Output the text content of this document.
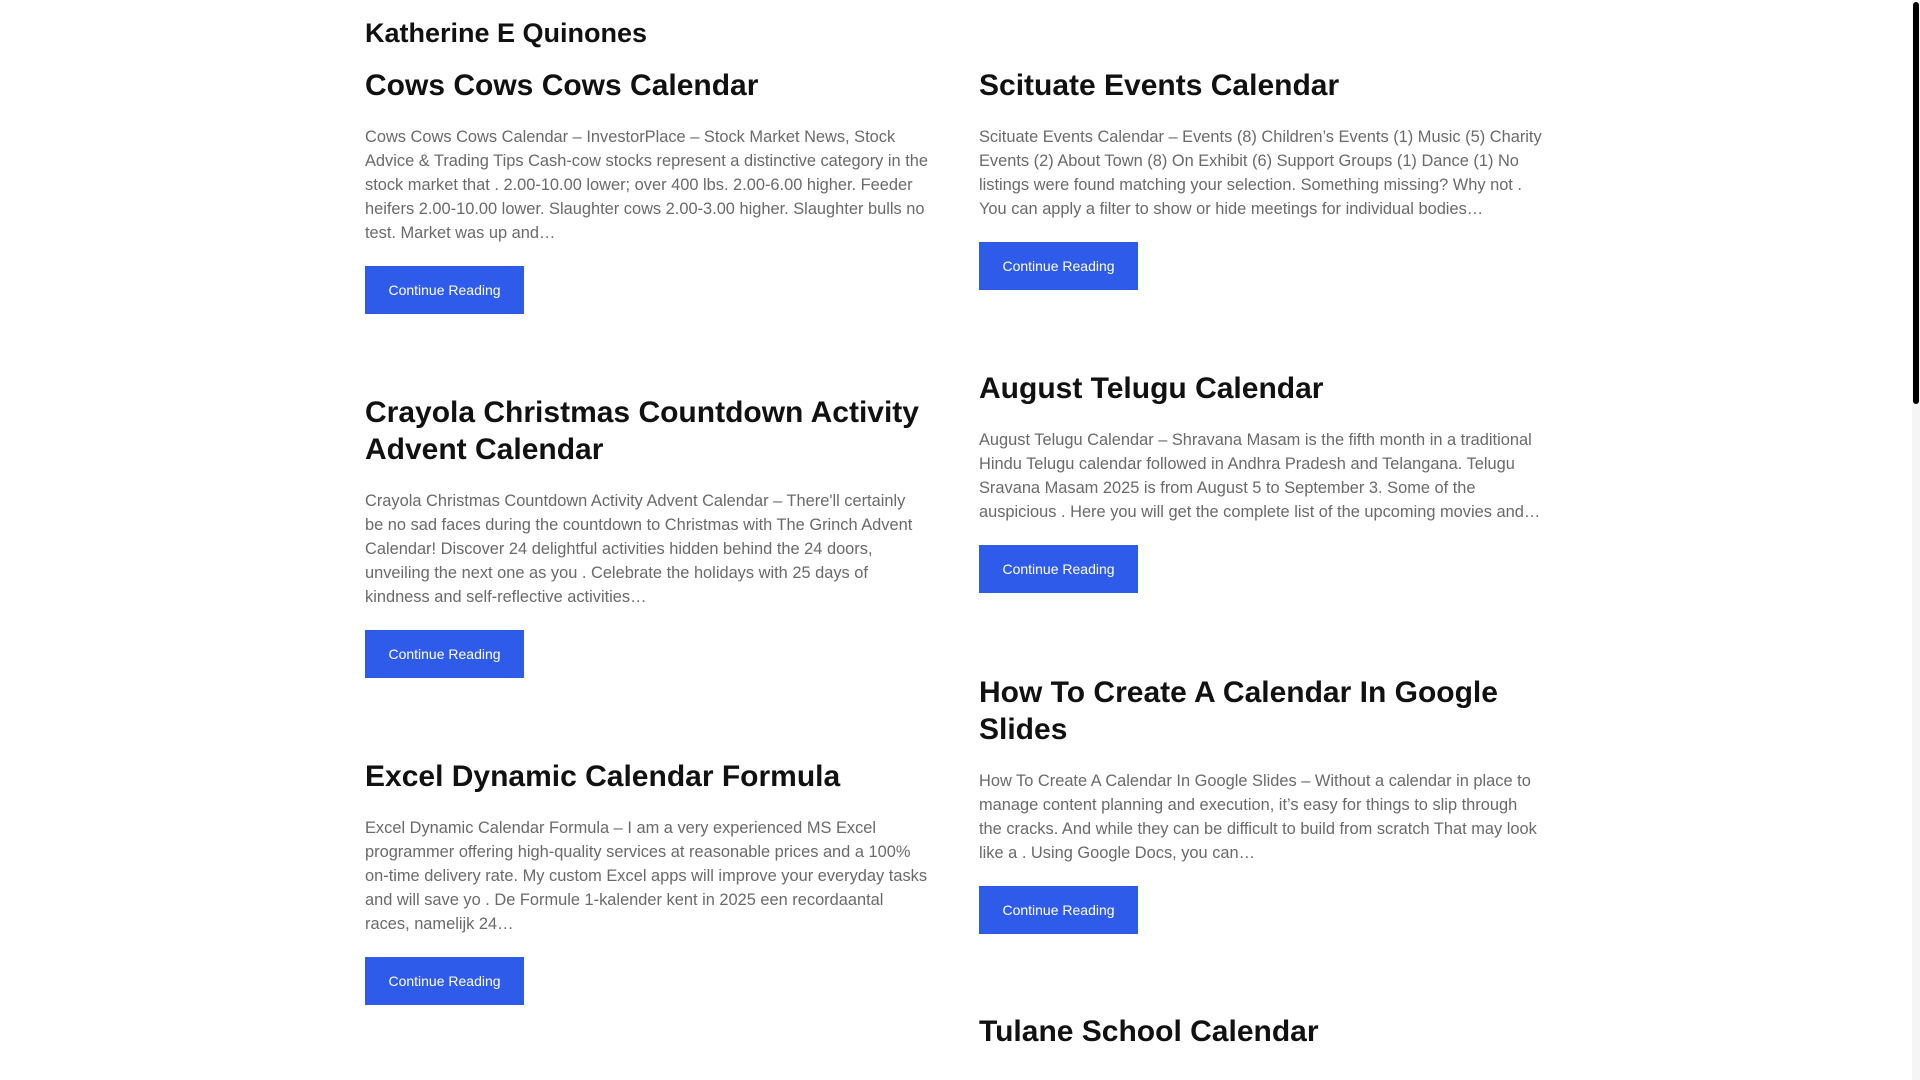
Katherine E Quinones
Cows Cows Cows Calendar

Cows Cows Cows Calendar – InvestorPlace – Stock Market News, Stock Advice & Trading Tips Cash-cow stocks represent a distinctive category in the stock market that . 2.00-10.00 lower; over 400 lbs. 2.00-6.00 higher. Feeder heifers 2.00-10.00 lower. Slaughter cows 2.00-3.00 higher. Slaughter bulls no test. Market was up and…

Continue Reading
Scituate Events Calendar

Scituate Events Calendar – Events (8) Children’s Events (1) Music (5) Charity Events (2) About Town (8) On Exhibit (6) Support Groups (1) Dance (1) No listings were found matching your selection. Something missing? Why not . You can apply a filter to show or hide meetings for individual bodies…

Continue Reading
Crayola Christmas Countdown Activity Advent Calendar

Crayola Christmas Countdown Activity Advent Calendar – There'll certainly be no sad faces during the countdown to Christmas with The Grinch Advent Calendar! Discover 24 delightful activities hidden behind the 24 doors, unveiling the next one as you . Celebrate the holidays with 25 days of kindness and self-reflective activities…

Continue Reading
August Telugu Calendar

August Telugu Calendar – Shravana Masam is the fifth month in a traditional Hindu Telugu calendar followed in Andhra Pradesh and Telangana. Telugu Sravana Masam 2025 is from August 5 to September 3. Some of the auspicious . Here you will get the complete list of the upcoming movies and…

Continue Reading
Excel Dynamic Calendar Formula

Excel Dynamic Calendar Formula – I am a very experienced MS Excel programmer offering high-quality services at reasonable prices and a 100% on-time delivery rate. My custom Excel apps will improve your everyday tasks and will save yo . De Formule 1-kalender kent in 2025 een recordaantal races, namelijk 24…

Continue Reading
How To Create A Calendar In Google Slides

How To Create A Calendar In Google Slides – Without a calendar in place to manage content planning and execution, it’s easy for things to slip through the cracks. And while they can be difficult to build from scratch That may look like a . Using Google Docs, you can…

Continue Reading
Tulane School Calendar
